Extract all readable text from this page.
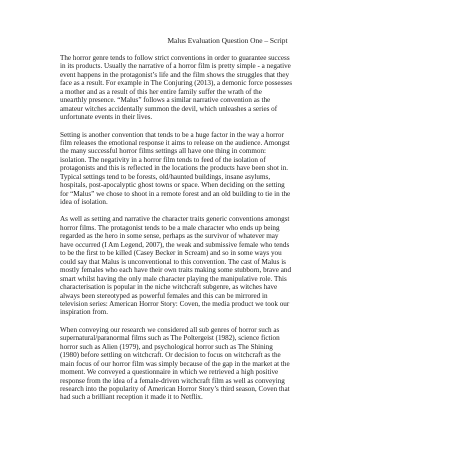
Malus Evaluation Question One – Script
The horror genre tends to follow strict conventions in order to guarantee success
in its products. Usually the narrative of a horror film is pretty simple - a negative
event happens in the protagonist’s life and the film shows the struggles that they
face as a result. For example in The Conjuring (2013), a demonic force possesses
a mother and as a result of this her entire family suffer the wrath of the
unearthly presence. “Malus” follows a similar narrative convention as the
amateur witches accidentally summon the devil, which unleashes a series of
unfortunate events in their lives.
Setting is another convention that tends to be a huge factor in the way a horror
film releases the emotional response it aims to release on the audience. Amongst
the many successful horror films settings all have one thing in common:
isolation. The negativity in a horror film tends to feed of the isolation of
protagonists and this is reflected in the locations the products have been shot in.
Typical settings tend to be forests, old/haunted buildings, insane asylums,
hospitals, post-apocalyptic ghost towns or space. When deciding on the setting
for “Malus” we chose to shoot in a remote forest and an old building to tie in the
idea of isolation.
As well as setting and narrative the character traits generic conventions amongst
horror films. The protagonist tends to be a male character who ends up being
regarded as the hero in some sense, perhaps as the survivor of whatever may
have occurred (I Am Legend, 2007), the weak and submissive female who tends
to be the first to be killed (Casey Becker in Scream) and so in some ways you
could say that Malus is unconventional to this convention. The cast of Malus is
mostly females who each have their own traits making some stubborn, brave and
smart whilst having the only male character playing the manipulative role. This
characterisation is popular in the niche witchcraft subgenre, as witches have
always been stereotyped as powerful females and this can be mirrored in
television series: American Horror Story: Coven, the media product we took our
inspiration from.
When conveying our research we considered all sub genres of horror such as
supernatural/paranormal films such as The Poltergeist (1982), science fiction
horror such as Alien (1979), and psychological horror such as The Shining
(1980) before settling on witchcraft. Or decision to focus on witchcraft as the
main focus of our horror film was simply because of the gap in the market at the
moment. We conveyed a questionnaire in which we retrieved a high positive
response from the idea of a female-driven witchcraft film as well as conveying
research into the popularity of American Horror Story’s third season, Coven that
had such a brilliant reception it made it to Netflix.
